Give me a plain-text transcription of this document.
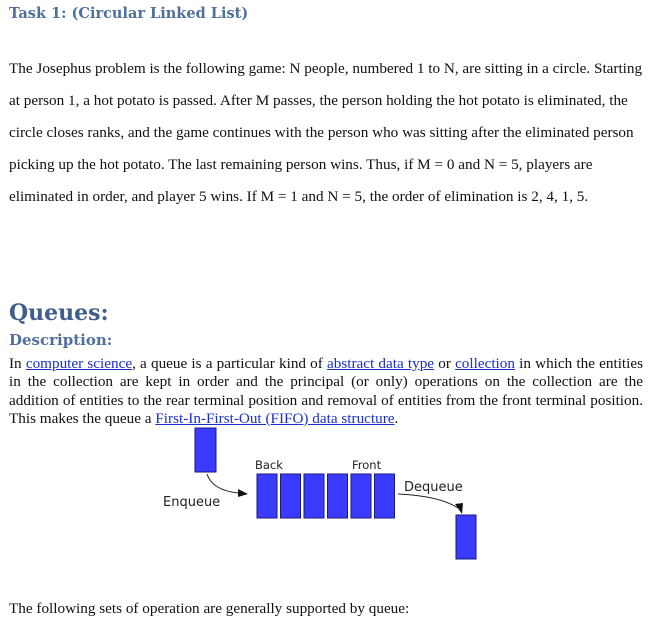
Task 1: (Circular Linked List)

The Josephus problem is the following game: N people, numbered 1 to N, are sitting in a circle. Starting at person 1, a hot potato is passed. After M passes, the person holding the hot potato is eliminated, the circle closes ranks, and the game continues with the person who was sitting after the eliminated person picking up the hot potato. The last remaining person wins. Thus, if M = 0 and N = 5, players are eliminated in order, and player 5 wins. If M = 1 and N = 5, the order of elimination is 2, 4, 1, 5.

Queues:
Description:

In computer science, a queue is a particular kind of abstract data type or collection in which the entities in the collection are kept in order and the principal (or only) operations on the collection are the addition of entities to the rear terminal position and removal of entities from the front terminal position. This makes the queue a First-In-First-Out (FIFO) data structure.

Back	Front
Enqueue
Dequeue

The following sets of operation are generally supported by queue:
